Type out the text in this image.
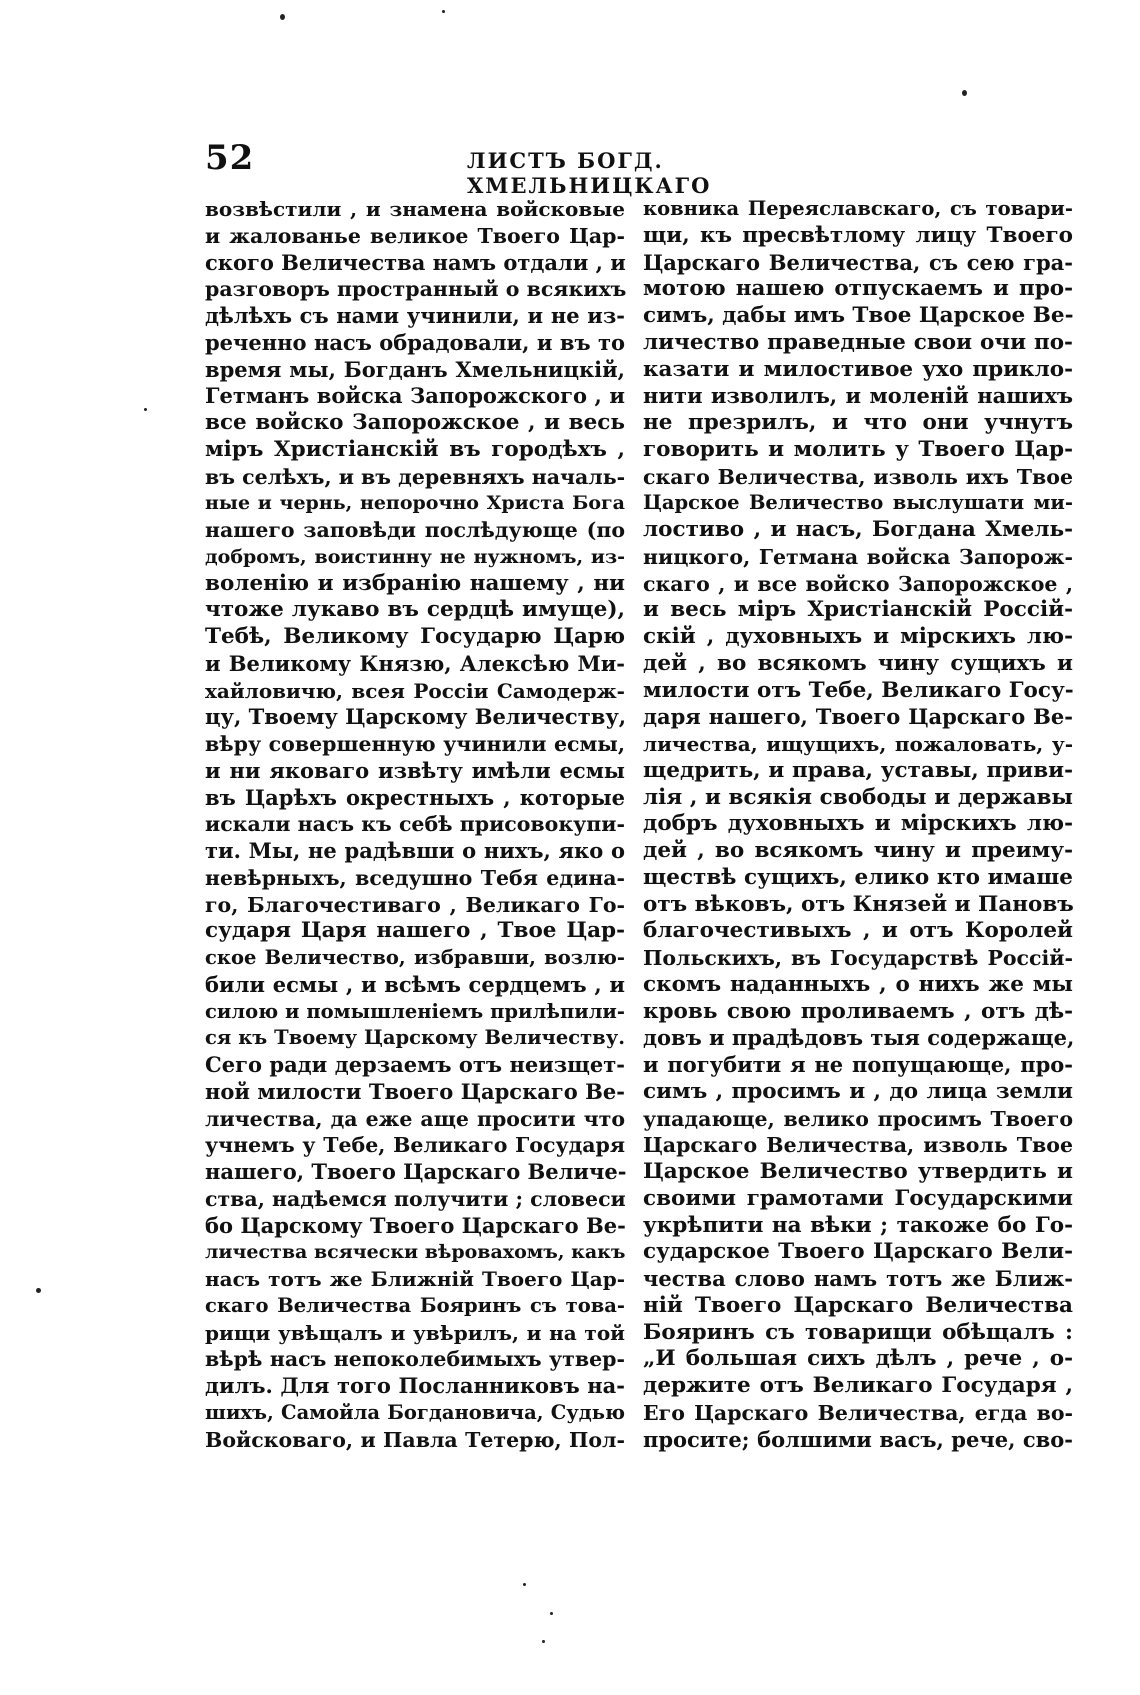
52	ЛИСТЪ БОГД. ХМЕЛЬНИЦКАГО
возвѣстили , и знамена войсковые
и жалованье великое Твоего Цар-
ского Величества намъ отдали , и
разговоръ пространный о всякихъ
дѣлѣхъ съ нами учинили, и не из-
реченно насъ обрадовали, и въ то
время мы, Богданъ Хмельницкій,
Гетманъ войска Запорожского , и
все войско Запорожское , и весь
міръ Христіанскій въ городѣхъ ,
въ селѣхъ, и въ деревняхъ началь-
ные и чернь, непорочно Христа Бога
нашего заповѣди послѣдующе (по
добромъ, воистинну не нужномъ, из-
воленію и избранію нашему , ни
чтоже лукаво въ сердцѣ имуще),
Тебѣ, Великому Государю Царю
и Великому Князю, Алексѣю Ми-
хайловичю, всея Россіи Самодерж-
цу, Твоему Царскому Величеству,
вѣру совершенную учинили есмы,
и ни яковаго извѣту имѣли есмы
въ Царѣхъ окрестныхъ , которые
искали насъ къ себѣ присовокупи-
ти. Мы, не радѣвши о нихъ, яко о
невѣрныхъ, вседушно Тебя едина-
го, Благочестиваго , Великаго Го-
сударя Царя нашего , Твое Цар-
ское Величество, избравши, возлю-
били есмы , и всѣмъ сердцемъ , и
силою и помышленіемъ прилѣпили-
ся къ Твоему Царскому Величеству.
Сего ради дерзаемъ отъ неизщет-
ной милости Твоего Царскаго Ве-
личества, да еже аще просити что
учнемъ у Тебе, Великаго Государя
нашего, Твоего Царскаго Величе-
ства, надѣемся получити ; словеси
бо Царскому Твоего Царскаго Ве-
личества всячески вѣровахомъ, какъ
насъ тотъ же Ближній Твоего Цар-
скаго Величества Бояринъ съ това-
рищи увѣщалъ и увѣрилъ, и на той
вѣрѣ насъ непоколебимыхъ утвер-
дилъ. Для того Посланниковъ на-
шихъ, Самойла Богдановича, Судью
Войсковаго, и Павла Тетерю, Пол-
ковника Переяславскаго, съ товари-
щи, къ пресвѣтлому лицу Твоего
Царскаго Величества, съ сею гра-
мотою нашею отпускаемъ и про-
симъ, дабы имъ Твое Царское Ве-
личество праведные свои очи по-
казати и милостивое ухо прикло-
нити изволилъ, и моленій нашихъ
не презрилъ, и что они учнутъ
говорить и молить у Твоего Цар-
скаго Величества, изволь ихъ Твое
Царское Величество выслушати ми-
лостиво , и насъ, Богдана Хмель-
ницкого, Гетмана войска Запорож-
скаго , и все войско Запорожское ,
и весь міръ Христіанскій Россій-
скій , духовныхъ и мірскихъ лю-
дей , во всякомъ чину сущихъ и
милости отъ Тебе, Великаго Госу-
даря нашего, Твоего Царскаго Ве-
личества, ищущихъ, пожаловать, у-
щедрить, и права, уставы, приви-
лія , и всякія свободы и державы
добръ духовныхъ и мірскихъ лю-
дей , во всякомъ чину и преиму-
ществѣ сущихъ, елико кто имаше
отъ вѣковъ, отъ Князей и Пановъ
благочестивыхъ , и отъ Королей
Польскихъ, въ Государствѣ Россій-
скомъ наданныхъ , о нихъ же мы
кровь свою проливаемъ , отъ дѣ-
довъ и прадѣдовъ тыя содержаще,
и погубити я не попущающе, про-
симъ , просимъ и , до лица земли
упадающе, велико просимъ Твоего
Царскаго Величества, изволь Твое
Царское Величество утвердить и
своими грамотами Государскими
укрѣпити на вѣки ; такоже бо Го-
сударское Твоего Царскаго Вели-
чества слово намъ тотъ же Ближ-
ній Твоего Царскаго Величества
Бояринъ съ товарищи обѣщалъ :
„И большая сихъ дѣлъ , рече , о-
держите отъ Великаго Государя ,
Его Царскаго Величества, егда во-
просите; болшими васъ, рече, сво-
